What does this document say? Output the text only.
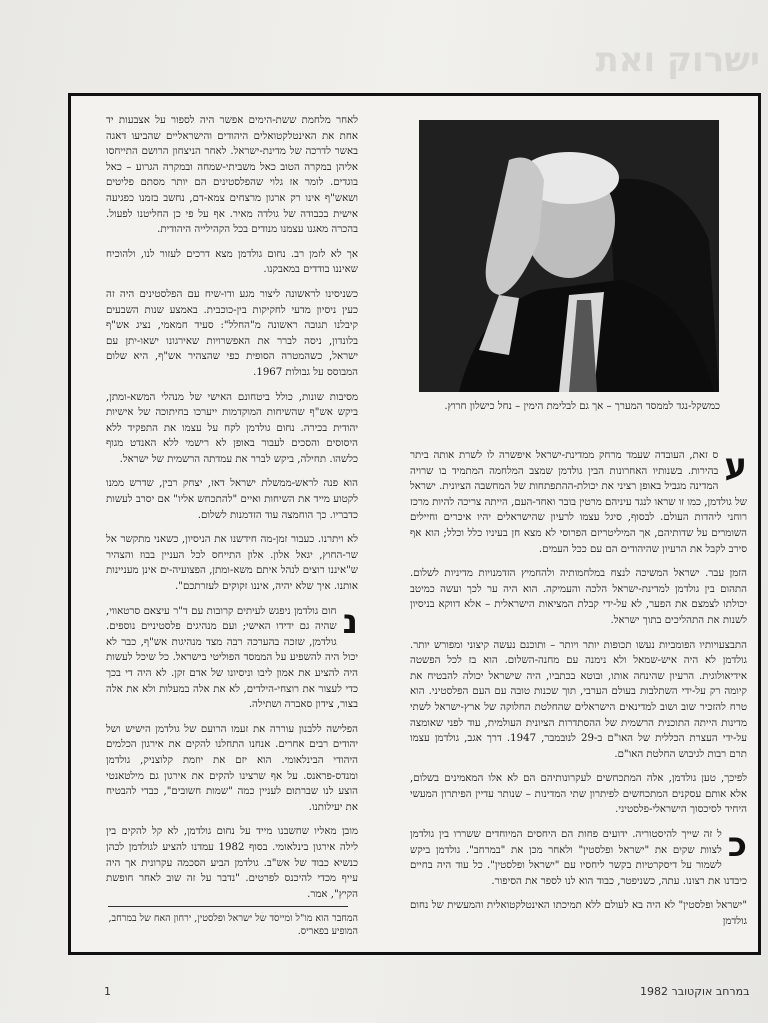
ישרוק ואת

לאחר מלחמת ששת-הימים אפשר היה לספור על אצבעות יד אחת את האינטלקטואלים היהודים והישראליים שהביעו דאגה באשר לדרכה של מדינת-ישראל. לאחר הניצחון הרושם התייחסו אליהן במקרה הטוב כאל משביתי-שמחה ובמקרה הגרוע – כאל בוגדים. לומר אז גלוי שהפלסטינים הם יותר מסתם פליטים ושאש"ף אינו רק ארגון מרצחים צמא-דם, נחשב בזמנו כפגיעה אישית בכבודה של גולדה מאיר. אף על פי כן החליטנו לפעול. בהכרה מאגנו עצמנו מנודים בכל הקהילייה היהודית.

אך לא לזמן רב. נחום גולדמן מצא דרכים לעזור לנו, ולהוכיח שאיננו בודדים במאבקנו.

כשניסינו לראשונה ליצור מגע ודו-שיח עם הפלסטינים היה זה כעין ניסיון מדעי לחקיקות בין-כוכבית. באמצע שנות השבעים קיבלנו תגובה ראשונה מ"החלל": סעיד חמאמי, נציג אש"ף בלונדון, ניסה לברר את האפשרויות שאירגונו ישאו-יתן עם ישראל, כשהמטרה הסופית כפי שהצהיר אש"ף, היא שלום המבוסס על גבולות 1967.

מסיבות שונות, כולל ביטחונם האישי של מנהלי המשא-ומתן, ביקש אש"ף שהשיחות המוקדמות ייערכו בחיתוכה של אישיות יהודית בכירה. נחום גולדמן לקח על עצמו את התפקיד ללא היסוסים והסכים לעבור באופן לא רישמי ללא האנדט מגוף כלשהו. תחילה, ביקש לברר את עמדתה הרשמית של ישראל.

הוא פנה לראש-ממשלת ישראל דאז, יצחק רבין, שדרש ממנו לקטוע מייד את השיחות ואיים "להתכחש אליו" אם יסרב לעשות כדבריו. כך הוחמצה עוד הזדמנות לשלום.

לא ויתרנו. כעבור זמן-מה חידשנו את הניסיון, כשאני מתקשר אל שר-החוץ, יגאל אלון. אלון התייחס לכל העניין בבוז והצהיר ש"איננו רוצים לנהל איתם משא-ומתן, הפצועיה-ים אינן מעניינות אותנו. איך שלא יהיה, איננו זקוקים לעזרתכם".

נ
חום גולדמן ניפגש לעיתים קרובות עם ד"ר עיצאם סרטאווי, שהיה גם ידידו האישי; ועם מנהיגים פלסטיניים נוספים. גולדמן, שזכה בהערכה רבה מצד מנהיגות אש"ף, כבר לא יכול היה להשפיע על הממסד הפוליטי בישראל. כל שיכל לעשות היה להציע את אמון ליבו וניסיונו של אדם זקן. לא היה די בכך כדי לעצור את רוצחי-הילדים, לא את אלה במעלות ולא את אלה בצור, צידון סאברה ושתילה.

הפלישה ללבנון עוררה את זעמו הרועם של גולדמן הישיש ושל יהודים רבים אחרים. אנחנו התחלנו להקים את אירגון הכלמים היהודי הבינלאומי. הוא יזם את יוזמת קלוצניק, גולדמן ומנדס-פראנס. על אף שרצינו להקים את אירגון גם מילטאנטי הוצע לנו שברתום לעניין כמה "שמות חשובים", כבדי להבטיח את יעילותנו.

מובן מאליו שחשבנו מייד על נחום גולדמן, לא קל להקים בין לילה אירגון בינלאומי. בסוף 1982 עמדנו להציע לגולדמן לכהן כנשיא כבוד של אש"ב. גולדמן הביע הסכמה עקרונית אך היה עייף מכדי להיכנס לפרטים. "נדבר על זה שוב לאחר חופשת הקיץ", אמר.

המחבר הוא מו"ל ומייסד של ישראל ופלסטין, ירחון האח של במרחב, המופיע בפאריס.
כמשקל-נגד לממסד המערך – אך גם לבלימת הימין – נחל כישלון חרוץ.

ע
ס זאת, העובדה שעמד מרחק ממדינת-ישראל איפשרה לו לשרת אותה ביתר בהירות. בשנותיו האחרונות הבין גולדמן שמצב המלחמה המתמיד בו שרויה המדינה מגביל באופן רציני את יכולת-ההתפתחות של המחשבה הציונית. ישראל של גולדמן, כמו זו שראו לנגד עיניהם מרטין בובר ואחד-העם, הייתה צריכה להיות מרכז רוחני ליהדות העולם. לבסוף, סיגל עצמו לרעיון שהישראלים יהיו איכרים וחיילים השומרים על שדותיהם, אך המיליטריזם הפרוסי לא מצא חן בעיניו כלל וכלל; הוא אף סירב לקבל את הרעיון שהיהודים הם עם ככל העמים.

הזמן עבר. ישראל המשיכה לנצח במלחמותיה ולהחמיץ הזדמנויות מדיניות לשלום. התהום בין גולדמן למדינת-ישראל הלכה והעמיקה. הוא היה ער לכך ועשה כמיטב יכולתו לצמצם את הפער, לא על-ידי קבלת המציאות הישראלית – אלא דווקא בניסיון לשנות את התהליכים בתוך ישראל.

התבצעויותיו הפומביות נעשו תכופות יותר ויותר – ותוכנם נעשה קיצוני ומפורש יותר. גולדמן לא היה איש-שמאל ולא נימנה עם מחנה-השלום. הוא בז לכל הפשטה אידיאולוגית. הרעיון שהינחה אותו, ובוטא בכתביו, היה שישראל יכולה להבטיח את קיומה רק על-ידי השתלבות בעולם הערבי, תוך שכנות טובה עם העם הפלסטיני. הוא טרח להזכיר שוב ושוב למדינאים הישראלים שהחלטת החלוקה של ארץ-ישראל לשתי מדינות הייתה התוכנית הרשמית של ההסתדרות הציונית העולמית, עוד לפני שאומצה על-ידי העצרת הכללית של האו"ם ב-29 לנובמבר, 1947. דרך אגב, גולדמן עצמו תרם רבות לגיבוש החלטת האו"ם.

לפיכך, טען גולדמן, אלה המתכחשים לעקרונותיהם הם לא אלו המאמינים בשלום, אלא אותם עסקנים המתכחשים לפיתרון שתי המדינות – שנותר עדיין הפיתרון המעשי היחיד לסיכסוך הישראלי-פלסטיני.

כ
ל זה שייך להיסטוריה. ידועים פחות הם היחסים המיוחדים ששררו בין גולדמן לצוות שקים את "ישראל ופלסטין" ולאחר מכן את "במרחב". גולדמן ביקש לשמור על דיסקרטיות בקשר ליחסיו עם "ישראל ופלסטין". כל עוד היה בחיים כיבדנו את רצונו. עתה, כשניפטר, כבוד הוא לנו לספר את הסיפור.

"ישראל ופלסטין" לא היה בא לעולם ללא תמיכתו האינטלקטואלית והמעשית של נחום גולדמן

1	במרחב אוקטובר 1982
